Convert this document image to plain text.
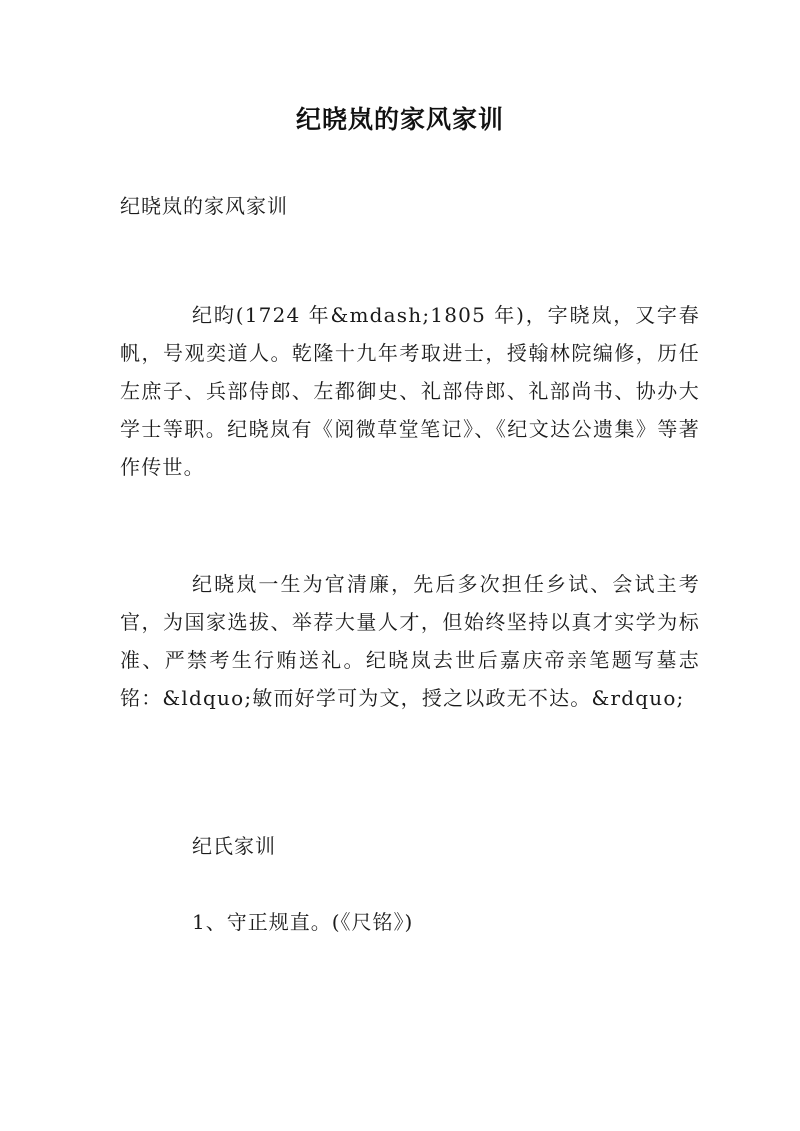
纪晓岚的家风家训
纪晓岚的家风家训
纪昀(1724 年&mdash;1805 年)，字晓岚，又字春帆，号观奕道人。乾隆十九年考取进士，授翰林院编修，历任左庶子、兵部侍郎、左都御史、礼部侍郎、礼部尚书、协办大学士等职。纪晓岚有《阅微草堂笔记》、《纪文达公遗集》等著作传世。
纪晓岚一生为官清廉，先后多次担任乡试、会试主考官，为国家选拔、举荐大量人才，但始终坚持以真才实学为标准、严禁考生行贿送礼。纪晓岚去世后嘉庆帝亲笔题写墓志铭：&ldquo;敏而好学可为文，授之以政无不达。&rdquo;
纪氏家训
1、守正规直。(《尺铭》)
